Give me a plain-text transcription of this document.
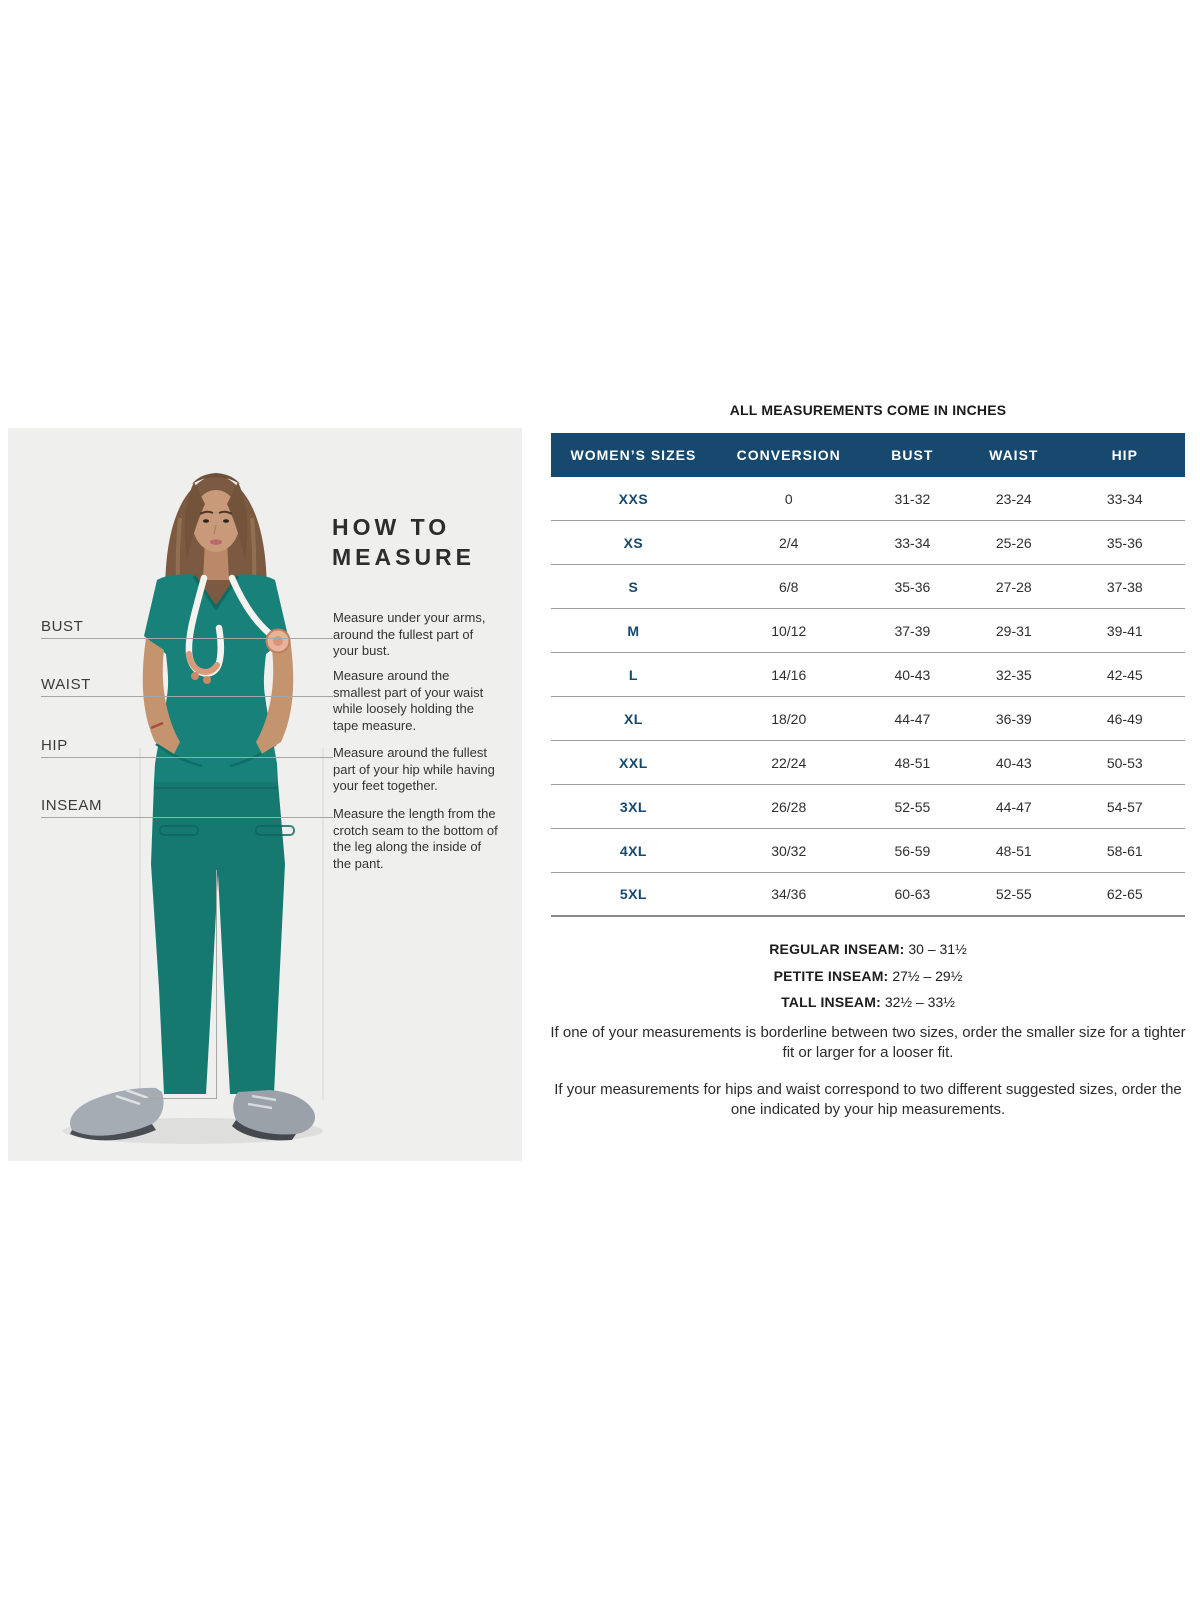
BUST
WAIST
HIP
INSEAM
HOW TO
MEASURE
Measure under your arms, around the fullest part of your bust.
Measure around the smallest part of your waist while loosely holding the tape measure.
Measure around the fullest part of your hip while having your feet together.
Measure the length from the crotch seam to the bottom of the leg along the inside of the pant.
ALL MEASUREMENTS COME IN INCHES
WOMEN’S SIZES	CONVERSION	BUST	WAIST	HIP
XXS	0	31-32	23-24	33-34
XS	2/4	33-34	25-26	35-36
S	6/8	35-36	27-28	37-38
M	10/12	37-39	29-31	39-41
L	14/16	40-43	32-35	42-45
XL	18/20	44-47	36-39	46-49
XXL	22/24	48-51	40-43	50-53
3XL	26/28	52-55	44-47	54-57
4XL	30/32	56-59	48-51	58-61
5XL	34/36	60-63	52-55	62-65
REGULAR INSEAM: 30 – 31½
PETITE INSEAM: 27½ – 29½
TALL INSEAM: 32½ – 33½
If one of your measurements is borderline between two sizes, order the smaller size for a tighter fit or larger for a looser fit.
If your measurements for hips and waist correspond to two different suggested sizes, order the one indicated by your hip measurements.
